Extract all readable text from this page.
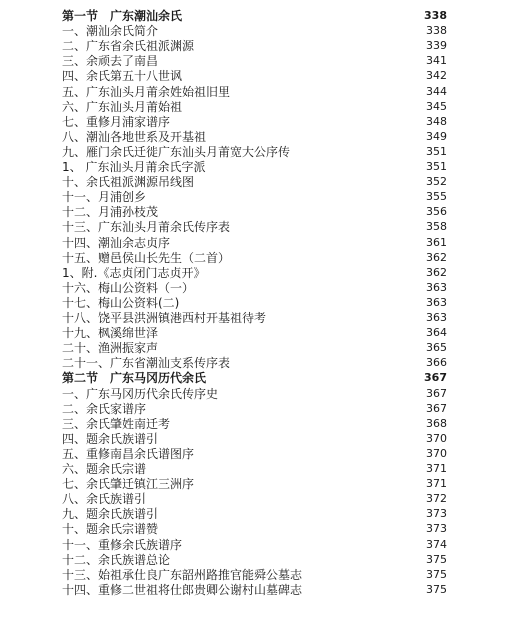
第一节　广东潮汕余氏	338
一、潮汕余氏简介	338
二、广东省余氏祖派渊源	339
三、余顽去了南昌	341
四、余氏第五十八世讽	342
五、广东汕头月莆余姓始祖旧里	344
六、广东汕头月莆始祖	345
七、重修月浦家谱序	348
八、潮汕各地世系及开基祖	349
九、雁门余氏迁徙广东汕头月莆宽大公序传	351
1、 广东汕头月莆余氏字派	351
十、余氏祖派渊源吊线图	352
十一、月浦创乡	355
十二、月浦孙枝茂	356
十三、广东汕头月莆余氏传序表	358
十四、潮汕余志贞序	361
十五、赠邑侯山长先生（二首）	362
1、附.《志贞闭门志贞开》	362
十六、梅山公资料（一）	363
十七、梅山公资料(二)	363
十八、饶平县洪洲镇港西村开基祖待考	363
十九、枫溪绵世泽	364
二十、渔洲振家声	365
二十一、广东省潮汕支系传序表	366
第二节　广东马冈历代余氏	367
一、广东马冈历代余氏传序史	367
二、余氏家谱序	367
三、余氏肇姓南迁考	368
四、题余氏族谱引	370
五、重修南昌余氏谱图序	370
六、题余氏宗谱	371
七、余氏肇迁镇江三洲序	371
八、余氏族谱引	372
九、题余氏族谱引	373
十、题余氏宗谱赞	373
十一、重修余氏族谱序	374
十二、余氏族谱总论	375
十三、始祖承仕良广东韶州路推官能舜公墓志	375
十四、重修二世祖将仕郎贵卿公谢村山墓碑志	375
